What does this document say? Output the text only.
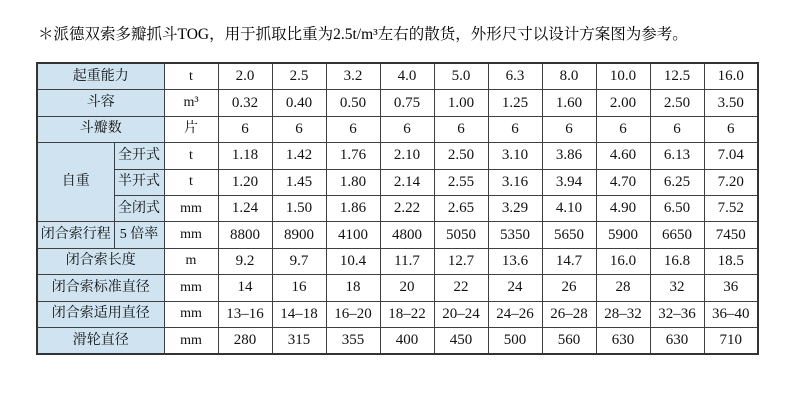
＊派德双索多瓣抓斗TOG，用于抓取比重为2.5t/m³左右的散货，外形尺寸以设计方案图为参考。
起重能力		t	2.0	2.5	3.2	4.0	5.0	6.3	8.0	10.0	12.5	16.0
斗容		m³	0.32	0.40	0.50	0.75	1.00	1.25	1.60	2.00	2.50	3.50
斗瓣数		片	6	6	6	6	6	6	6	6	6	6
自重	全开式	t	1.18	1.42	1.76	2.10	2.50	3.10	3.86	4.60	6.13	7.04
	半开式	t	1.20	1.45	1.80	2.14	2.55	3.16	3.94	4.70	6.25	7.20
	全闭式	mm	1.24	1.50	1.86	2.22	2.65	3.29	4.10	4.90	6.50	7.52
闭合索行程	5 倍率	mm	8800	8900	4100	4800	5050	5350	5650	5900	6650	7450
闭合索长度		m	9.2	9.7	10.4	11.7	12.7	13.6	14.7	16.0	16.8	18.5
闭合索标准直径		mm	14	16	18	20	22	24	26	28	32	36
闭合索适用直径		mm	13–16	14–18	16–20	18–22	20–24	24–26	26–28	28–32	32–36	36–40
滑轮直径		mm	280	315	355	400	450	500	560	630	630	710
